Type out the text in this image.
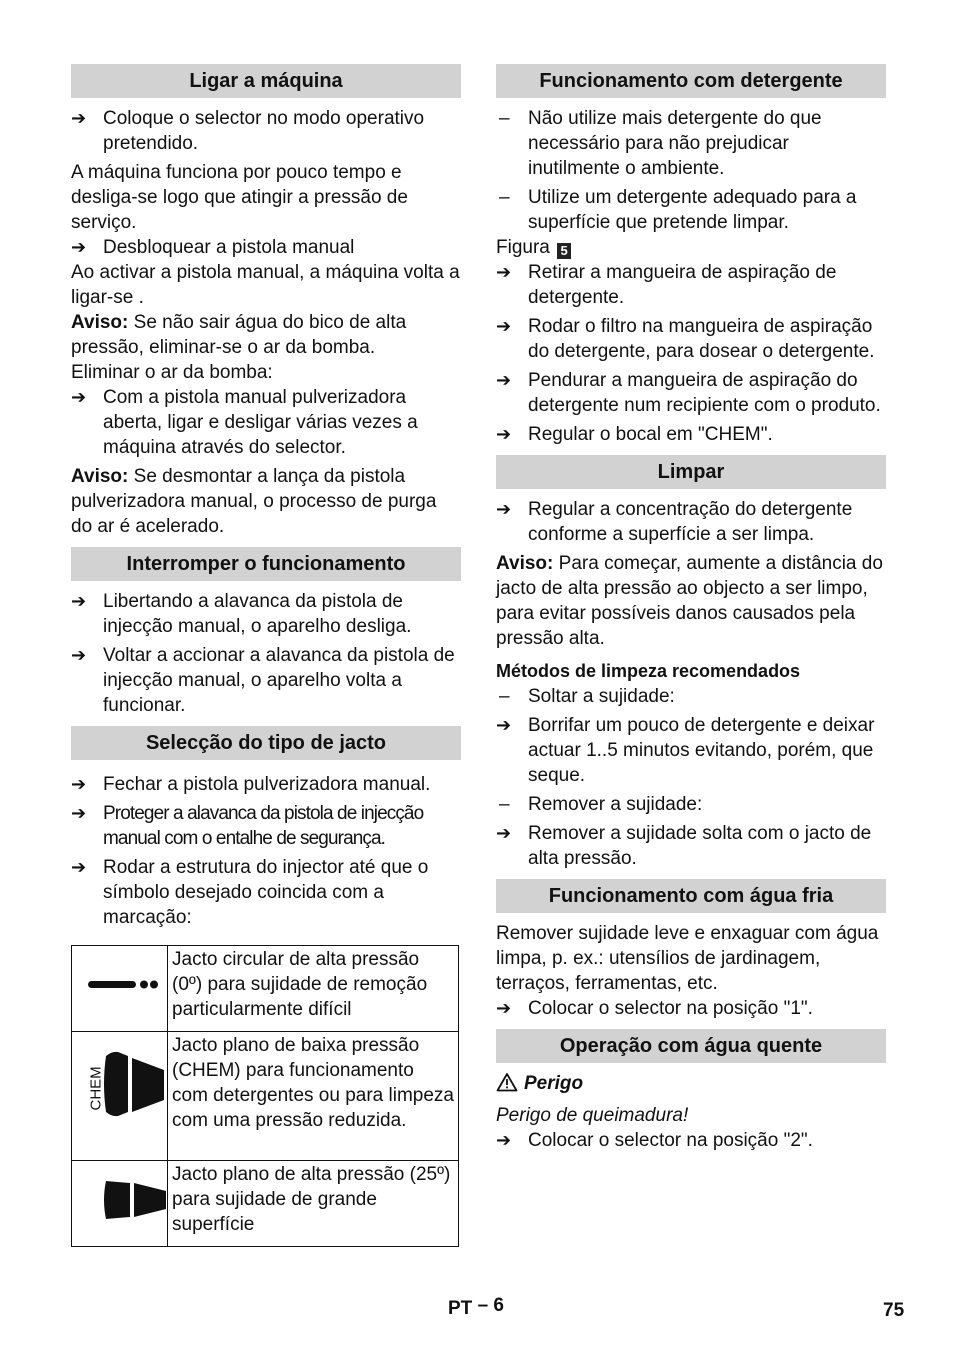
Ligar a máquina
➔ Coloque o selector no modo operativo pretendido.

A máquina funciona por pouco tempo e desliga-se logo que atingir a pressão de serviço.

➔ Desbloquear a pistola manual

Ao activar a pistola manual, a máquina volta a ligar-se .

Aviso: Se não sair água do bico de alta pressão, eliminar-se o ar da bomba.

Eliminar o ar da bomba:

➔ Com a pistola manual pulverizadora aberta, ligar e desligar várias vezes a máquina através do selector.

Aviso: Se desmontar a lança da pistola pulverizadora manual, o processo de purga do ar é acelerado.

Interromper o funcionamento
➔ Libertando a alavanca da pistola de injecção manual, o aparelho desliga.
➔ Voltar a accionar a alavanca da pistola de injecção manual, o aparelho volta a funcionar.
Selecção do tipo de jacto
➔ Fechar a pistola pulverizadora manual.
➔ Proteger a alavanca da pistola de injecção manual com o entalhe de segurança.
➔ Rodar a estrutura do injector até que o símbolo desejado coincida com a marcação:
	Jacto circular de alta pressão (0º) para sujidade de remoção particularmente difícil

CHEM	Jacto plano de baixa pressão (CHEM) para funcionamento com detergentes ou para limpeza com uma pressão reduzida.
	Jacto plano de alta pressão (25º) para sujidade de grande superfície
Funcionamento com detergente
– Não utilize mais detergente do que necessário para não prejudicar inutilmente o ambiente.
– Utilize um detergente adequado para a superfície que pretende limpar.

Figura 5

➔ Retirar a mangueira de aspiração de detergente.
➔ Rodar o filtro na mangueira de aspiração do detergente, para dosear o detergente.
➔ Pendurar a mangueira de aspiração do detergente num recipiente com o produto.
➔ Regular o bocal em "CHEM".
Limpar
➔ Regular a concentração do detergente conforme a superfície a ser limpa.

Aviso: Para começar, aumente a distância do jacto de alta pressão ao objecto a ser limpo, para evitar possíveis danos causados pela pressão alta.

Métodos de limpeza recomendados

– Soltar a sujidade:
➔ Borrifar um pouco de detergente e deixar actuar 1..5 minutos evitando, porém, que seque.
– Remover a sujidade:
➔ Remover a sujidade solta com o jacto de alta pressão.
Funcionamento com água fria

Remover sujidade leve e enxaguar com água limpa, p. ex.: utensílios de jardinagem, terraços, ferramentas, etc.

➔ Colocar o selector na posição "1".
Operação com água quente

Perigo

Perigo de queimadura!

➔ Colocar o selector na posição "2".
PT – 6	75
